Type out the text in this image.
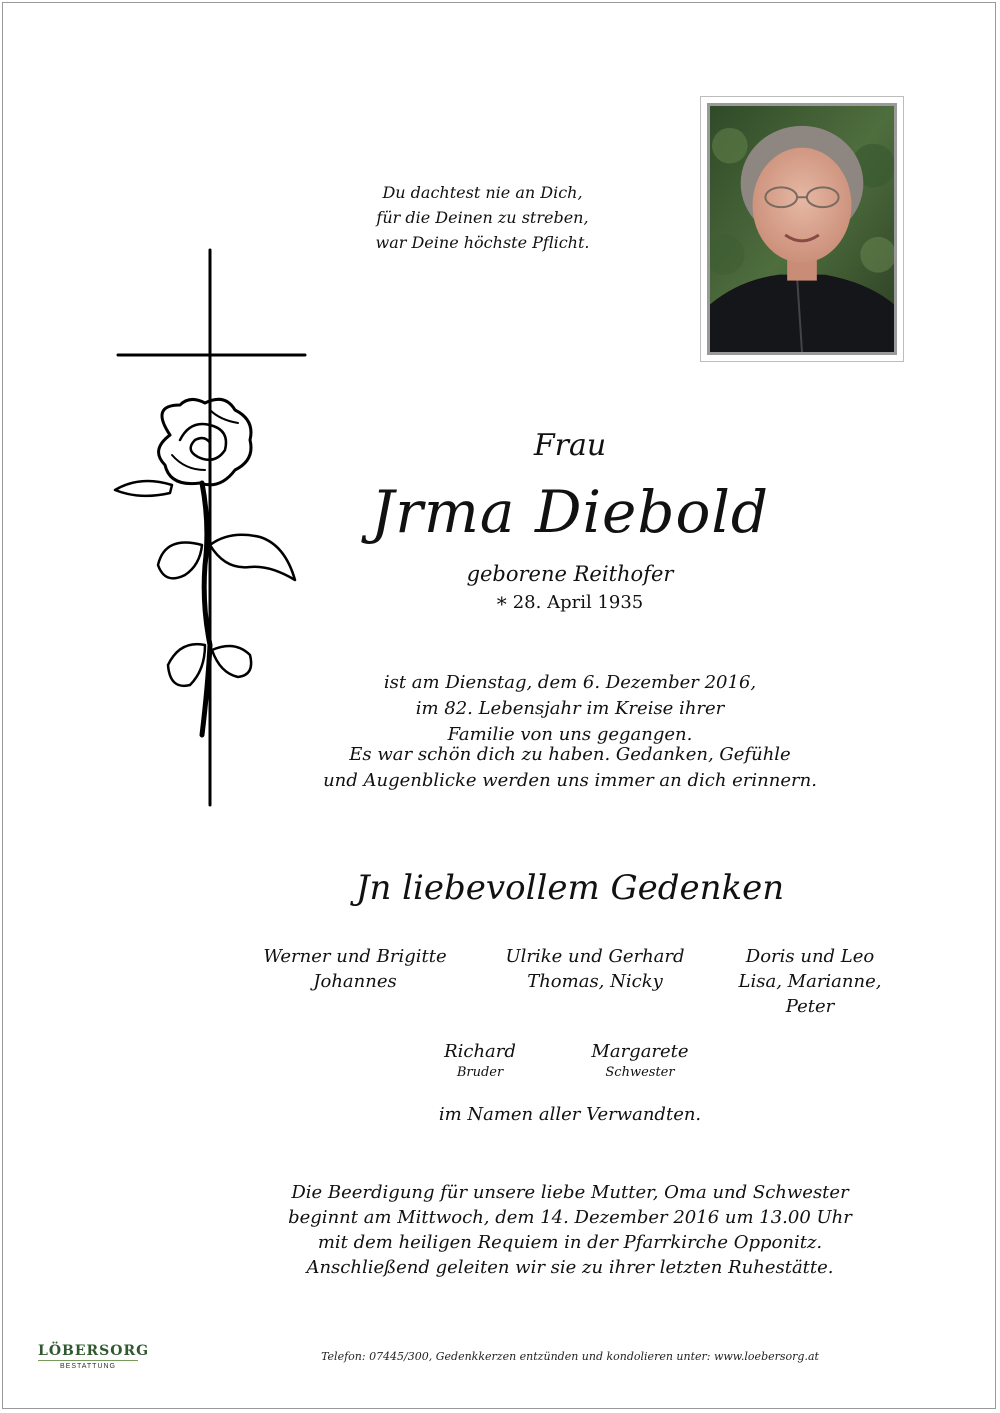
Du dachtest nie an Dich,
für die Deinen zu streben,
war Deine höchste Pflicht.
Frau
Jrma Diebold
geborene Reithofer
* 28. April 1935
ist am Dienstag, dem 6. Dezember 2016,
im 82. Lebensjahr im Kreise ihrer
Familie von uns gegangen.
Es war schön dich zu haben. Gedanken, Gefühle
und Augenblicke werden uns immer an dich erinnern.
Jn liebevollem Gedenken
Werner und Brigitte
Johannes
Ulrike und Gerhard
Thomas, Nicky
Doris und Leo
Lisa, Marianne,
Peter
Richard
Bruder
Margarete
Schwester
im Namen aller Verwandten.
Die Beerdigung für unsere liebe Mutter, Oma und Schwester
beginnt am Mittwoch, dem 14. Dezember 2016 um 13.00 Uhr
mit dem heiligen Requiem in der Pfarrkirche Opponitz.
Anschließend geleiten wir sie zu ihrer letzten Ruhestätte.
LÖBERSORG
BESTATTUNG
Telefon: 07445/300, Gedenkkerzen entzünden und kondolieren unter: www.loebersorg.at
